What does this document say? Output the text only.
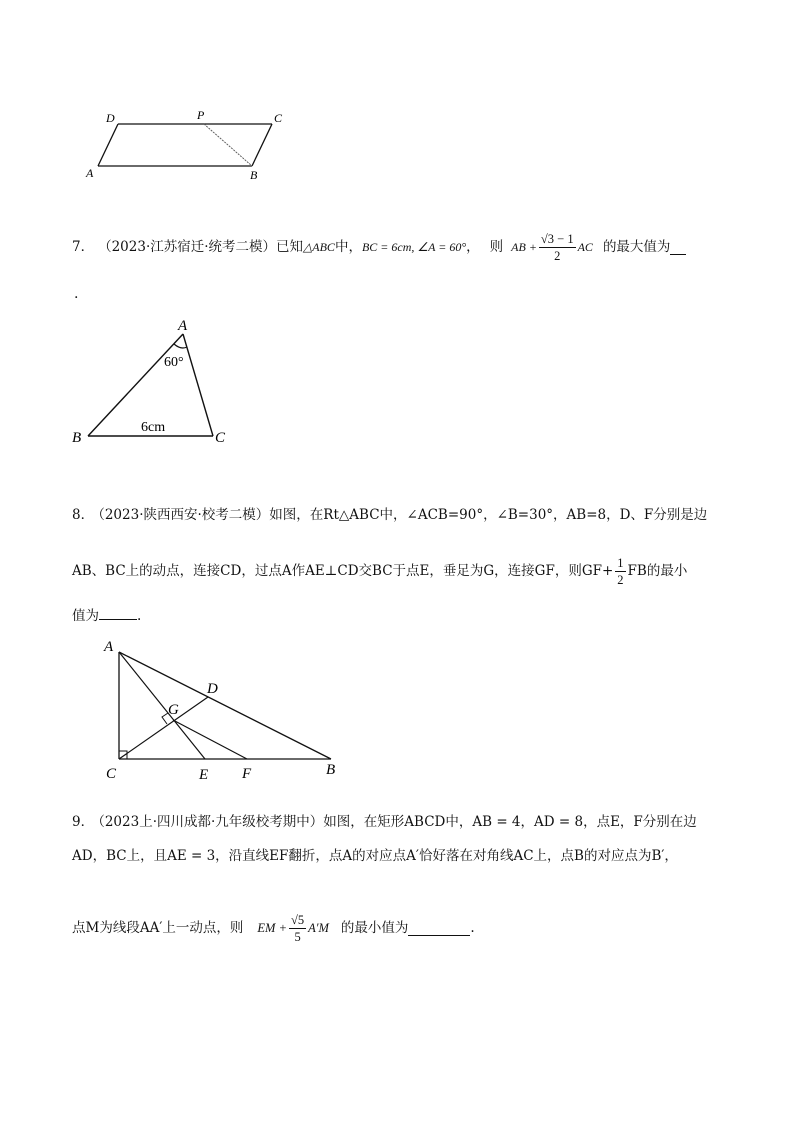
D	P	C
A	B
7． （2023·江苏宿迁·统考二模） 已知 △ABC 中， BC = 6cm, ∠A = 60° ， 则 AB + $\frac{√3 - 1}{2}$ AC 的最大值为
.
A
B	C
60°
6cm
8． （2023·陕西西安·校考二模）如图，在Rt△ABC中，∠ACB=90°，∠B=30°，AB=8，D、F分别是边
AB、BC上的动点，连接CD，过点A作AE⊥CD交BC于点E，垂足为G，连接GF，则$GF+ \frac{1}{2}$ FB的最小
值为	.
A
D
G
C	E F	B
9． （2023上·四川成都·九年级校考期中）如图，在矩形ABCD中，AB = 4，AD = 8，点E，F分别在边
AD，BC上，且AE = 3，沿直线EF翻折，点A的对应点A′恰好落在对角线AC上，点B的对应点为B′，
点M为线段AA′上一动点，则 EM + $\frac{√5}{5} A'M$ 的最小值为	.
